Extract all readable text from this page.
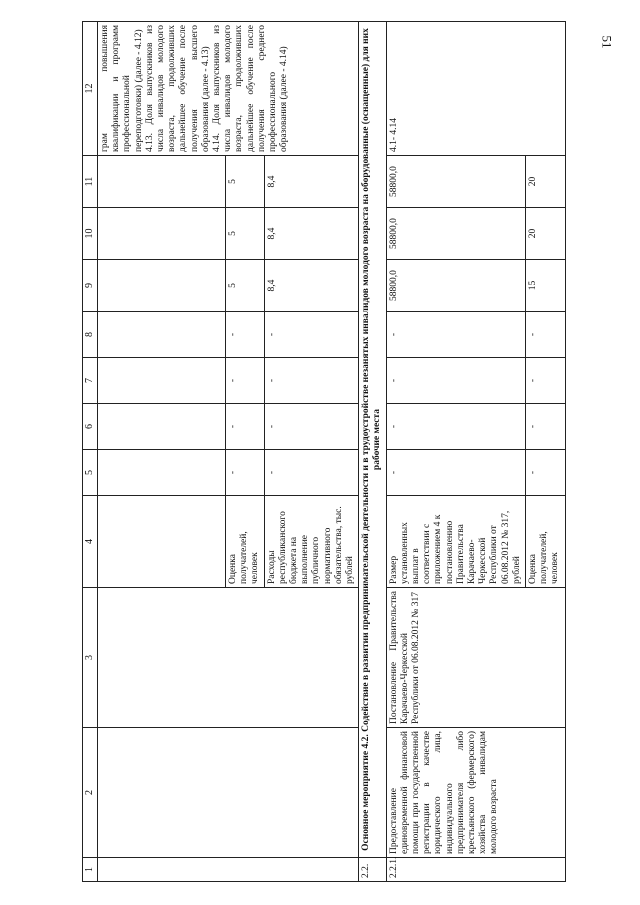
51
1	2	3	4	5	6	7	8	9	10	11	12
											грам повышения квалификации и программ профессиональной переподготовки) (далее - 4.12)
4.13. Доля выпускников из числа инвалидов молодого возраста, продолживших дальнейшее обучение после получения высшего образования (далее - 4.13)
4.14. Доля выпускников из числа инвалидов молодого возраста, продолживших дальнейшее обучение после получения среднего профессионального образования (далее - 4.14)
			Оценка получателей, человек	-	-	-	-	5	5	5	
			Расходы республиканского бюджета на выполнение публичного нормативного обязательства, тыс. рублей	-	-	-	-	8,4	8,4	8,4	
2.2.	Основное мероприятие 4.2. Содействие в развитии предпринимательской деятельности и в трудоустройстве незанятых инвалидов молодого возраста на оборудованные (оснащенные) для них рабочие места										
2.2.1.	Предоставление единовременной финансовой помощи при государственной регистрации в качестве юридического лица, индивидуального предпринимателя либо крестьянского (фермерского) хозяйства инвалидам молодого возраста	Постановление Правительства Карачаево-Черкесской Республики от 06.08.2012 № 317	Размер установленных выплат в соответствии с приложением 4 к постановлению Правительства Карачаево-Черкесской Республики от 06.08.2012 № 317, рублей	-	-	-	-	58800,0	58800,0	58800,0	4.1- 4.14
			Оценка получателей, человек	-	-	-	-	15	20	20	
